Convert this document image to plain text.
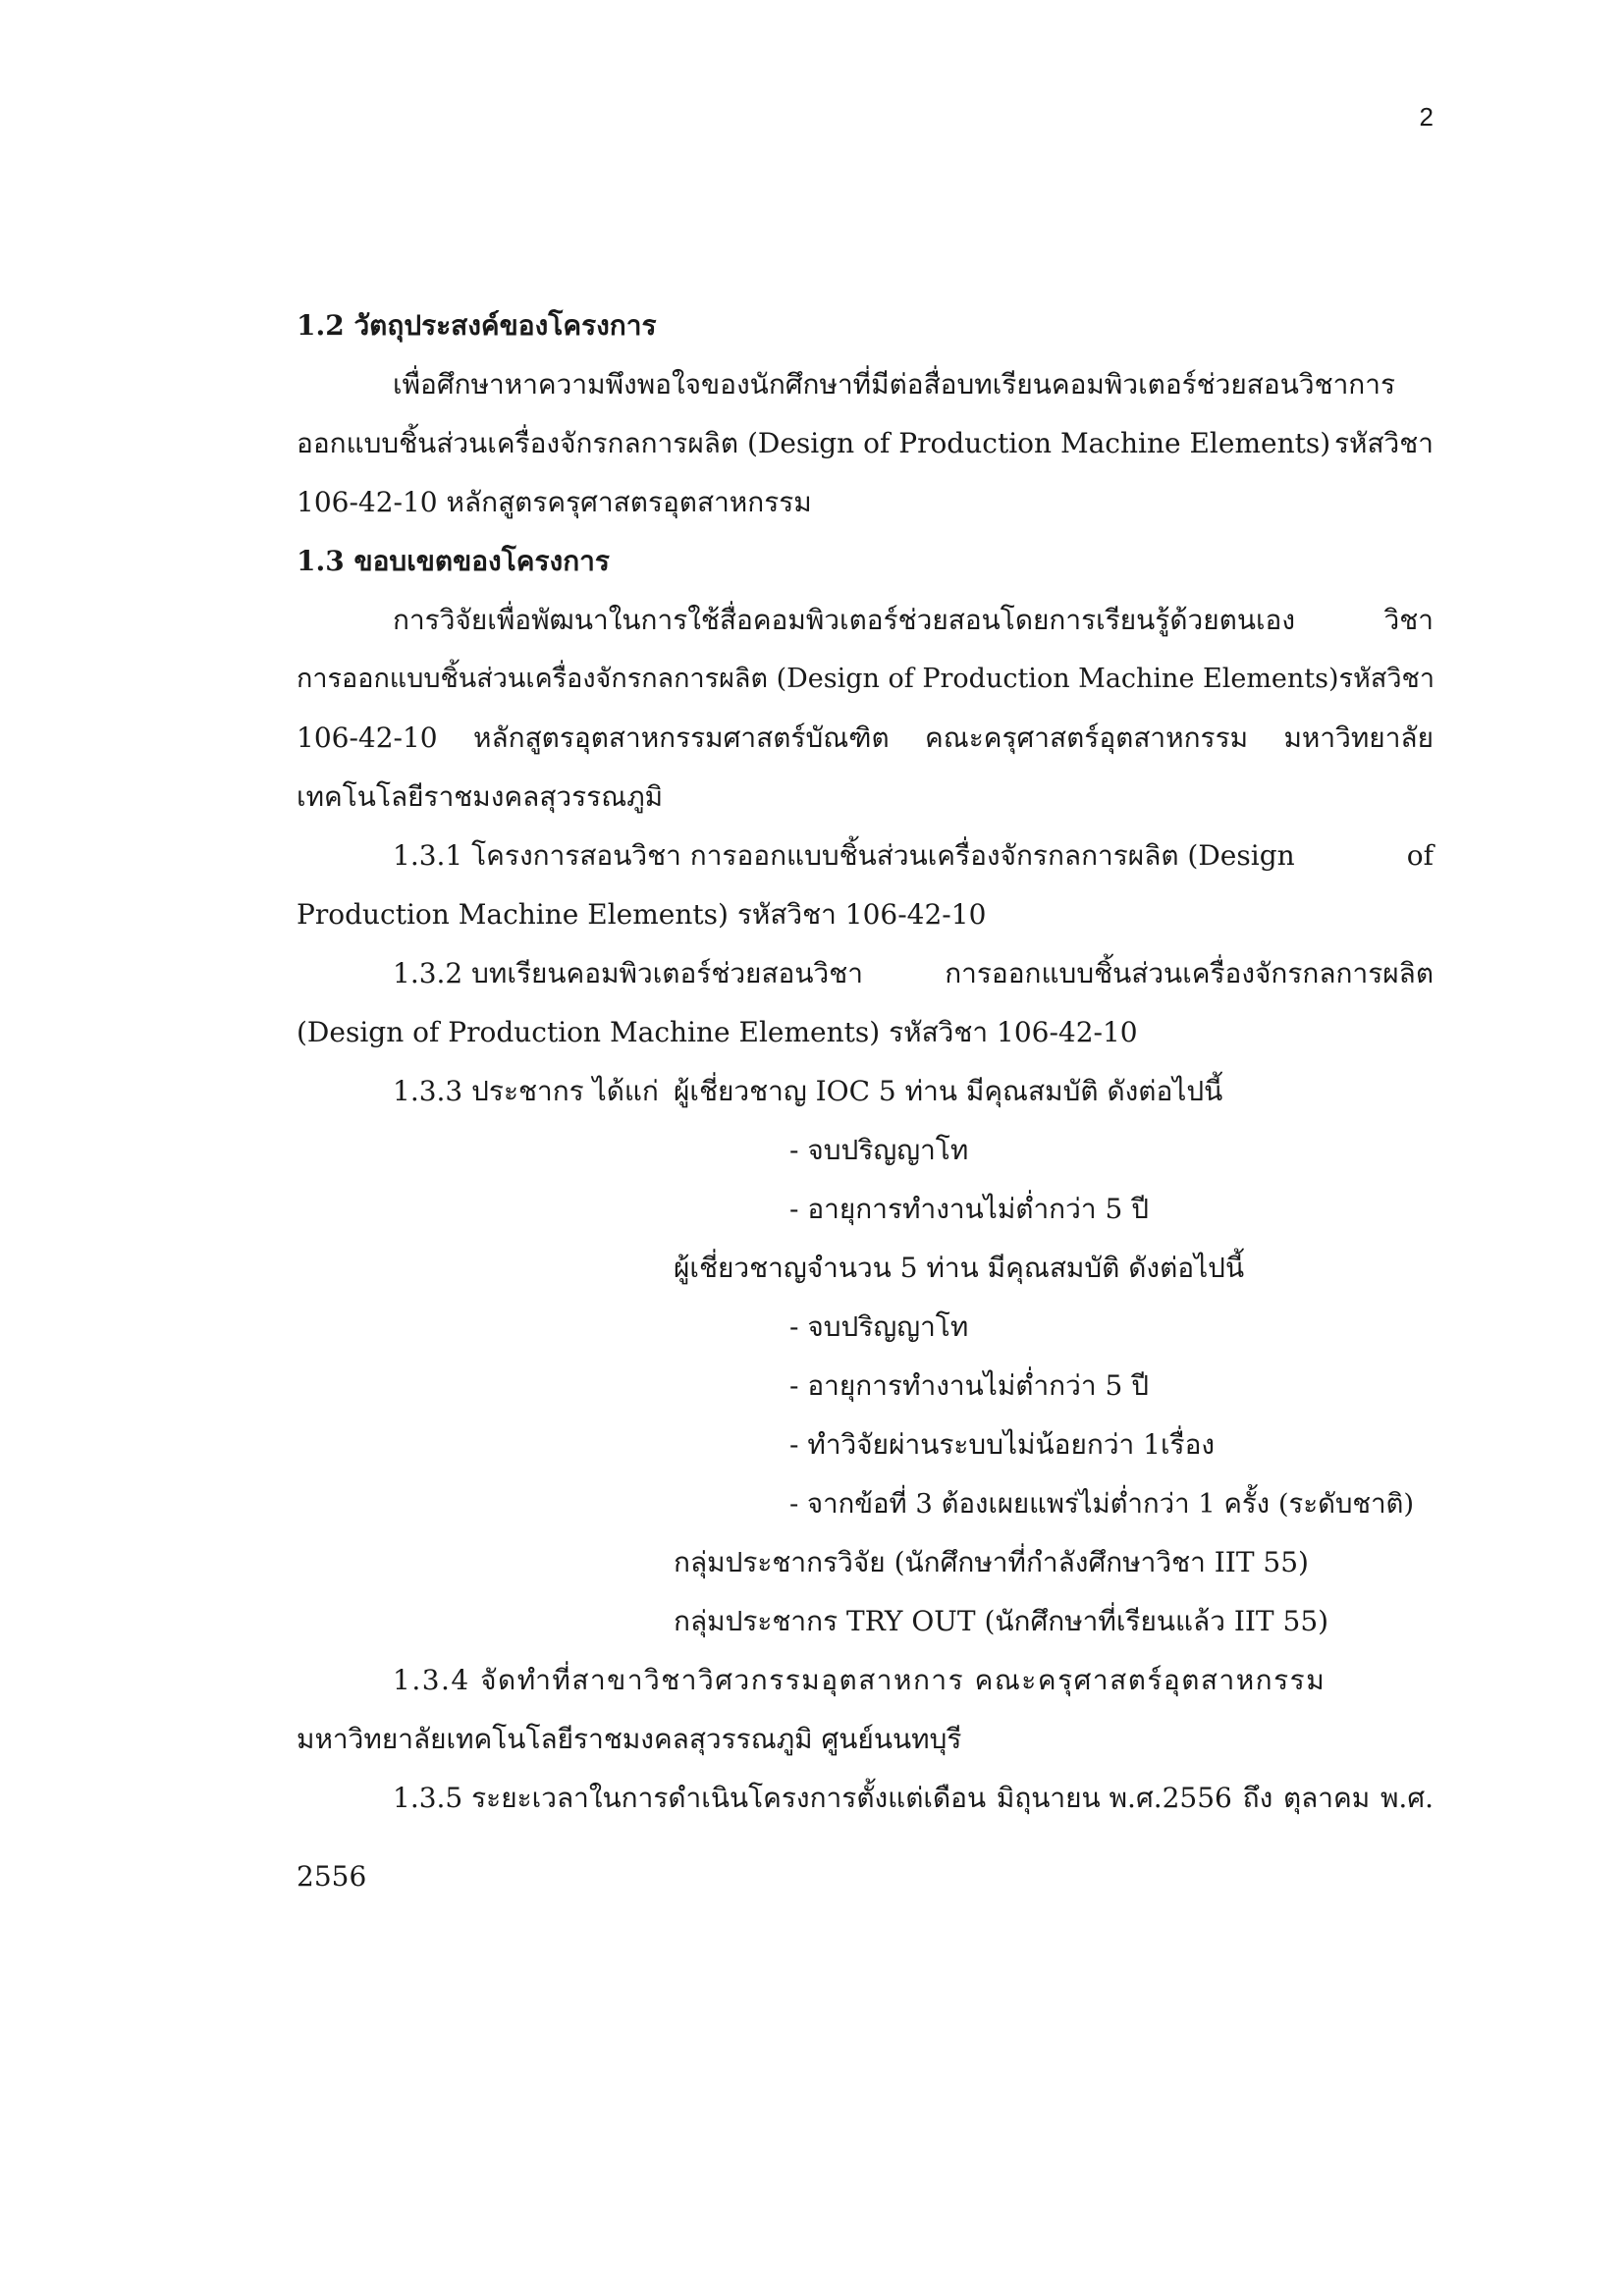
2
1.2 วัตถุประสงค์ของโครงการ
เพื่อศึกษาหาความพึงพอใจของนักศึกษาที่มีต่อสื่อบทเรียนคอมพิวเตอร์ช่วยสอนวิชาการ
ออกแบบชิ้นส่วนเครื่องจักรกลการผลิต (Design of Production Machine Elements) รหัสวิชา
106-42-10 หลักสูตรครุศาสตรอุตสาหกรรม
1.3 ขอบเขตของโครงการ
การวิจัยเพื่อพัฒนาในการใช้สื่อคอมพิวเตอร์ช่วยสอนโดยการเรียนรู้ด้วยตนเอง	วิชา
การออกแบบชิ้นส่วนเครื่องจักรกลการผลิต (Design of Production Machine Elements) รหัสวิชา
106-42-10 หลักสูตรอุตสาหกรรมศาสตร์บัณฑิต คณะครุศาสตร์อุตสาหกรรม มหาวิทยาลัย
เทคโนโลยีราชมงคลสุวรรณภูมิ
1.3.1 โครงการสอนวิชา การออกแบบชิ้นส่วนเครื่องจักรกลการผลิต (Design	of
Production Machine Elements) รหัสวิชา 106-42-10
1.3.2 บทเรียนคอมพิวเตอร์ช่วยสอนวิชา	การออกแบบชิ้นส่วนเครื่องจักรกลการผลิต
(Design of Production Machine Elements) รหัสวิชา 106-42-10
1.3.3 ประชากร ได้แก่ ผู้เชี่ยวชาญ IOC 5 ท่าน มีคุณสมบัติ ดังต่อไปนี้
- จบปริญญาโท
- อายุการทำงานไม่ต่ำกว่า 5 ปี
ผู้เชี่ยวชาญจำนวน 5 ท่าน มีคุณสมบัติ ดังต่อไปนี้
- จบปริญญาโท
- อายุการทำงานไม่ต่ำกว่า 5 ปี
- ทำวิจัยผ่านระบบไม่น้อยกว่า 1เรื่อง
- จากข้อที่ 3 ต้องเผยแพร่ไม่ต่ำกว่า 1 ครั้ง (ระดับชาติ)
กลุ่มประชากรวิจัย (นักศึกษาที่กำลังศึกษาวิชา IIT 55)
กลุ่มประชากร TRY OUT (นักศึกษาที่เรียนแล้ว IIT 55)
1.3.4 จัดทำที่สาขาวิชาวิศวกรรมอุตสาหการ คณะครุศาสตร์อุตสาหกรรม
มหาวิทยาลัยเทคโนโลยีราชมงคลสุวรรณภูมิ ศูนย์นนทบุรี
1.3.5 ระยะเวลาในการดำเนินโครงการตั้งแต่เดือน มิถุนายน พ.ศ.2556 ถึง ตุลาคม พ.ศ.
2556
